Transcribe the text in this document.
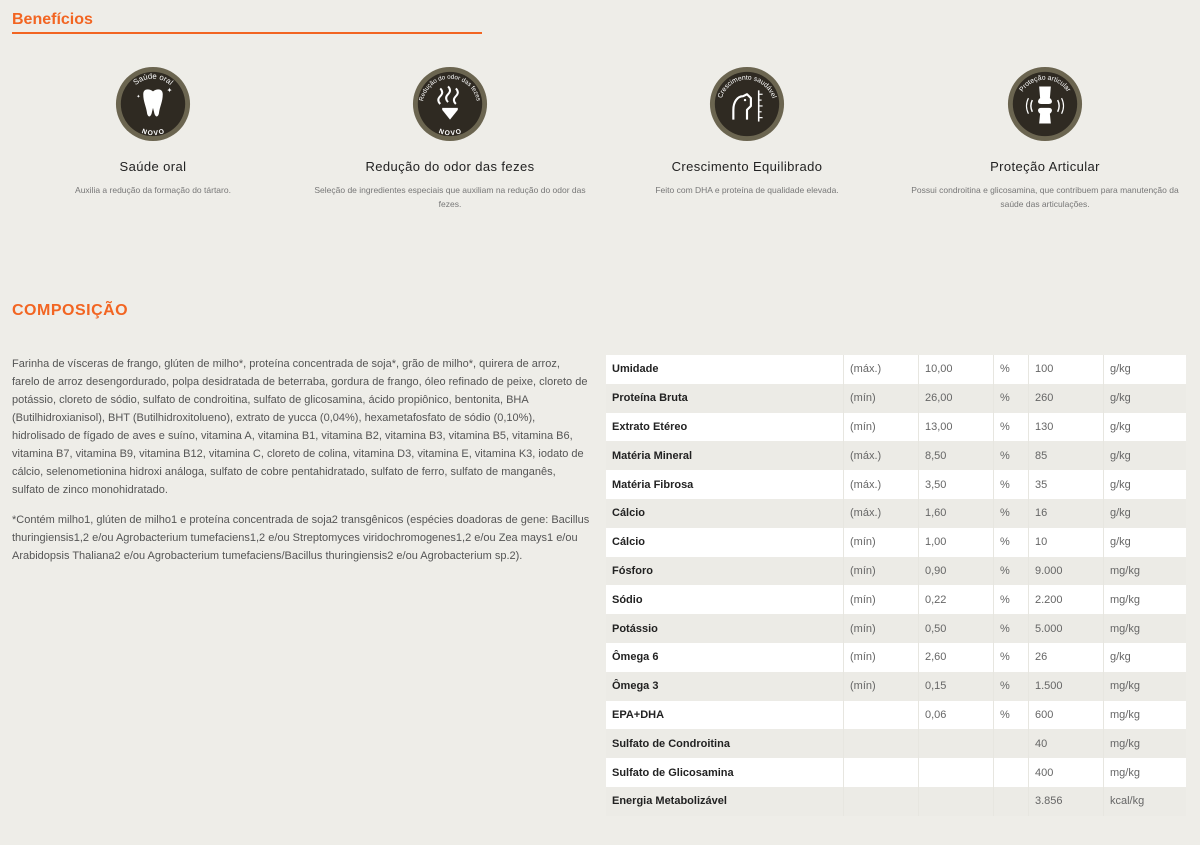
Benefícios
Saúde oral
NOVO
✦
✦
Saúde oral
Auxilia a redução da formação do tártaro.
Redução do odor das fezes
NOVO
Redução do odor das fezes
Seleção de ingredientes especiais que auxiliam na redução do odor das fezes.
Crescimento saudável
Crescimento Equilibrado
Feito com DHA e proteína de qualidade elevada.
Proteção articular
Proteção Articular
Possui condroitina e glicosamina, que contribuem para manutenção da saúde das articulações.
COMPOSIÇÃO

Farinha de vísceras de frango, glúten de milho*, proteína concentrada de soja*, grão de milho*, quirera de arroz, farelo de arroz desengordurado, polpa desidratada de beterraba, gordura de frango, óleo refinado de peixe, cloreto de potássio, cloreto de sódio, sulfato de condroitina, sulfato de glicosamina, ácido propiônico, bentonita, BHA (Butilhidroxianisol), BHT (Butilhidroxitolueno), extrato de yucca (0,04%), hexametafosfato de sódio (0,10%), hidrolisado de fígado de aves e suíno, vitamina A, vitamina B1, vitamina B2, vitamina B3, vitamina B5, vitamina B6, vitamina B7, vitamina B9, vitamina B12, vitamina C, cloreto de colina, vitamina D3, vitamina E, vitamina K3, iodato de cálcio, selenometionina hidroxi análoga, sulfato de cobre pentahidratado, sulfato de ferro, sulfato de manganês, sulfato de zinco monohidratado.

*Contém milho1, glúten de milho1 e proteína concentrada de soja2 transgênicos (espécies doadoras de gene: Bacillus thuringiensis1,2 e/ou Agrobacterium tumefaciens1,2 e/ou Streptomyces viridochromogenes1,2 e/ou Zea mays1 e/ou Arabidopsis Thaliana2 e/ou Agrobacterium tumefaciens/Bacillus thuringiensis2 e/ou Agrobacterium sp.2).

Umidade	(máx.)	10,00	%	100	g/kg
Proteína Bruta	(mín)	26,00	%	260	g/kg
Extrato Etéreo	(mín)	13,00	%	130	g/kg
Matéria Mineral	(máx.)	8,50	%	85	g/kg
Matéria Fibrosa	(máx.)	3,50	%	35	g/kg
Cálcio	(máx.)	1,60	%	16	g/kg
Cálcio	(mín)	1,00	%	10	g/kg
Fósforo	(mín)	0,90	%	9.000	mg/kg
Sódio	(mín)	0,22	%	2.200	mg/kg
Potássio	(mín)	0,50	%	5.000	mg/kg
Ômega 6	(mín)	2,60	%	26	g/kg
Ômega 3	(mín)	0,15	%	1.500	mg/kg
EPA+DHA		0,06	%	600	mg/kg
Sulfato de Condroitina				40	mg/kg
Sulfato de Glicosamina				400	mg/kg
Energia Metabolizável				3.856	kcal/kg
